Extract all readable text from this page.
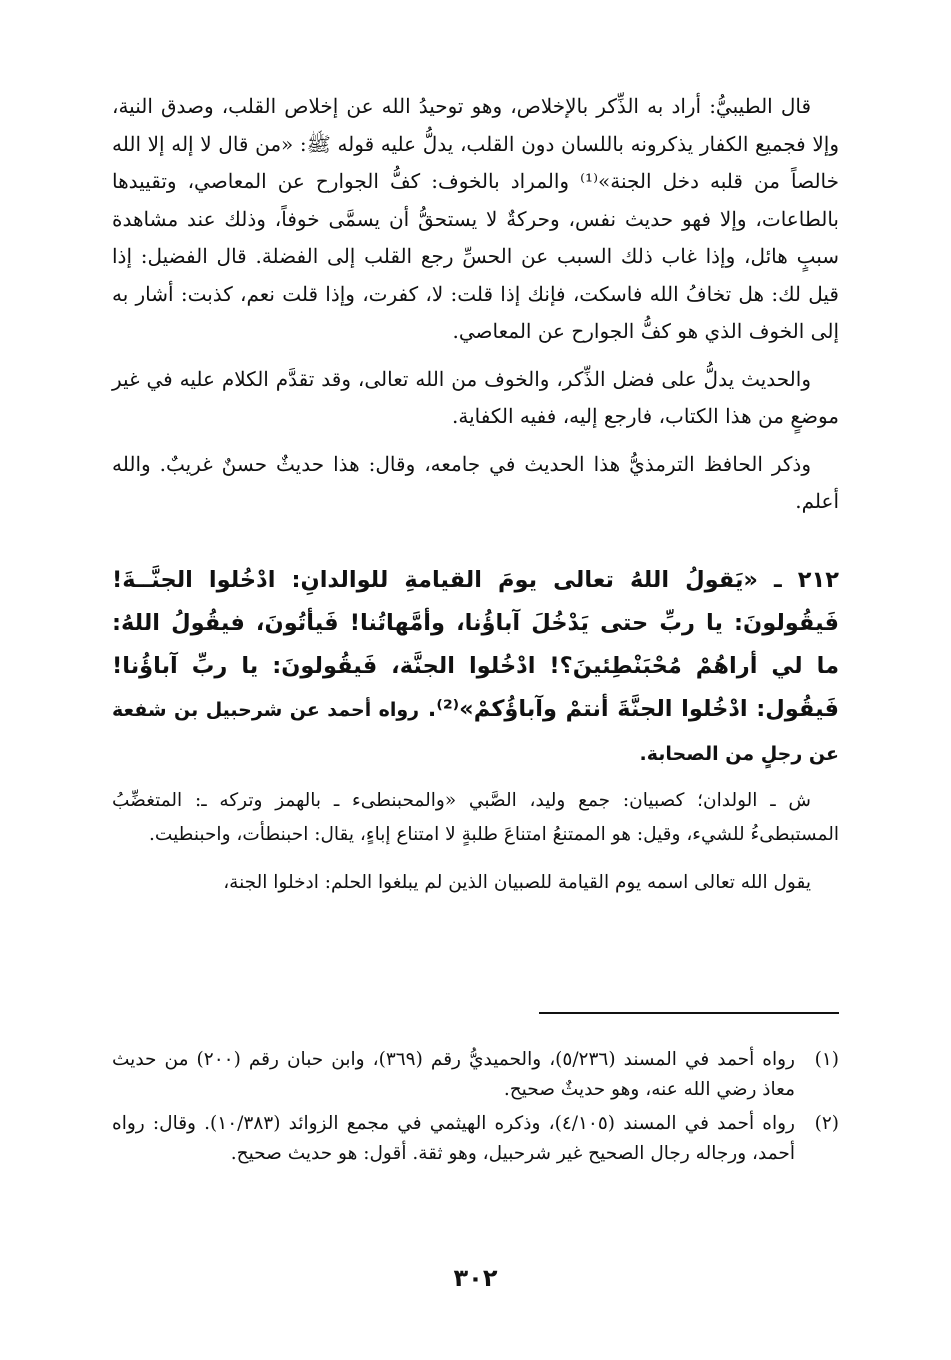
قال الطيبيُّ: أراد به الذِّكر بالإخلاص، وهو توحيدُ الله عن إخلاص القلب، وصدق النية، وإلا فجميع الكفار يذكرونه باللسان دون القلب، يدلُّ عليه قوله ﷺ: «من قال لا إله إلا الله خالصاً من قلبه دخل الجنة»⁽¹⁾ والمراد بالخوف: كفُّ الجوارح عن المعاصي، وتقييدها بالطاعات، وإلا فهو حديث نفس، وحركةٌ لا يستحقُّ أن يسمَّى خوفاً، وذلك عند مشاهدة سببٍ هائل، وإذا غاب ذلك السبب عن الحسِّ رجع القلب إلى الفضلة. قال الفضيل: إذا قيل لك: هل تخافُ الله فاسكت، فإنك إذا قلت: لا، كفرت، وإذا قلت نعم، كذبت: أشار به إلى الخوف الذي هو كفُّ الجوارح عن المعاصي.

والحديث يدلُّ على فضل الذِّكر، والخوف من الله تعالى، وقد تقدَّم الكلام عليه في غير موضعٍ من هذا الكتاب، فارجع إليه، ففيه الكفاية.

وذكر الحافظ الترمذيُّ هذا الحديث في جامعه، وقال: هذا حديثٌ حسنٌ غريبٌ. والله أعلم.

٢١٢ ـ «يَقولُ اللهُ تعالى يومَ القيامةِ للوالدانِ: ادْخُلوا الجنَّــةَ! فَيقُولونَ: يا ربِّ حتى يَدْخُلَ آباؤُنا، وأمَّهاتُنا! فَيأتُونَ، فيقُولُ اللهُ: ما لي أراهُمْ مُحْبَنْطِئينَ؟! ادْخُلوا الجنَّة، فَيقُولونَ: يا ربِّ آباؤُنا! فَيقُول: ادْخُلوا الجنَّةَ أنتمْ وآباؤُكمْ»⁽²⁾. رواه أحمد عن شرحبيل بن شفعة عن رجلٍ من الصحابة.

ش ـ الولدان؛ كصبيان: جمع وليد، الصَّبي «والمحبنطىء ـ بالهمز وتركه ـ: المتغضِّبُ المستبطىءُ للشيء، وقيل: هو الممتنعُ امتناعَ طلبةٍ لا امتناع إباءٍ، يقال: احبنطأت، واحبنطيت.

يقول الله تعالى اسمه يوم القيامة للصبيان الذين لم يبلغوا الحلم: ادخلوا الجنة،

(١)
رواه أحمد في المسند (٥/٢٣٦)، والحميديُّ رقم (٣٦٩)، وابن حبان رقم (٢٠٠) من حديث معاذ رضي الله عنه، وهو حديثٌ صحيح.
(٢)
رواه أحمد في المسند (٤/١٠٥)، وذكره الهيثمي في مجمع الزوائد (١٠/٣٨٣). وقال: رواه أحمد، ورجاله رجال الصحيح غير شرحبيل، وهو ثقة. أقول: هو حديث صحيح.
٣٠٢
